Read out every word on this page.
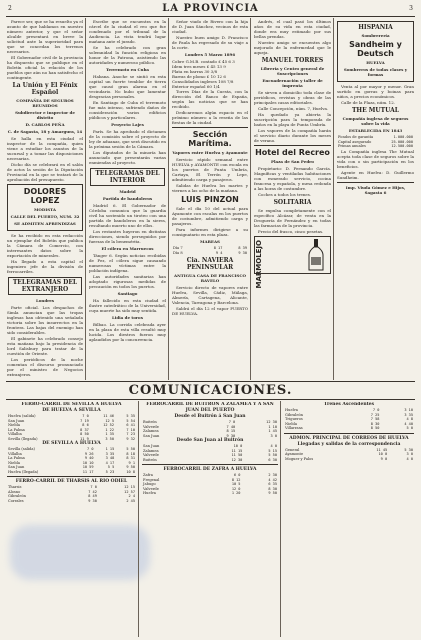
2	LA PROVINCIA	3

Parece ser, que se ha resuelto ya el asunto de que hablamos en nuestro número anterior, y que el señor alcalde presentará en breve la solicitud ante la superioridad para que se concedan los terrenos necesarios.

El Gobernador civil de la provincia ha dispuesto que se publique en el Boletín oficial la relación de los pueblos que aún no han satisfecho el contingente.

La Unión y El Fénix Español
COMPAÑIA DE SEGUROS REUNIDOS
Subdirector e inspector de distrito
D. CARLOS PEÑA
C. de Sagasta, 18 y Amargura, 14

Se halla en esta ciudad el inspector de la compañía, quien viene a estudiar los asuntos de la sucursal y a tomar las disposiciones necesarias.

Dicho día se celebrará en el salón de actos la sesión de la Diputación Provincial en la que se tratará de la aprobación del presupuesto.

DOLORES LOPEZ
MODISTA
CALLE DEL PUERTO, NUM. 32
SE ADMITEN APRENDIZAS

Se ha recibido en esta redacción un ejemplar del Boletín que publica la Cámara de Comercio, con interesantes datos sobre la exportación de minerales.

Ha llegado a esta capital el ingeniero jefe de la división de ferrocarriles.

TELEGRAMAS DEL EXTRANJERO
Londres

Parte oficial. Los despachos de Simla anuncian que las tropas inglesas han obtenido una señalada victoria sobre los insurrectos en la frontera. Las bajas del enemigo han sido considerables.

El gabinete ha celebrado consejo esta mañana bajo la presidencia de lord Salisbury para tratar de la cuestión de Oriente.

Los periódicos de la noche comentan el discurso pronunciado por el ministro de Negocios extranjeros.

Escribe que se encuentra en la cárcel de la ciudad el reo que fue condenado por el tribunal de la Audiencia. La vista tendrá lugar mañana ante el jurado.

Se ha celebrado con gran solemnidad la función religiosa en honor de la Patrona, asistiendo las autoridades y numeroso público.

Terremoto en Cuba

Habana. Anoche se sintió en esta capital un fuerte temblor de tierra que causó gran alarma en el vecindario. No hubo que lamentar desgracias personales.

En Santiago de Cuba el terremoto fue más intenso, sufriendo daños de consideración varios edificios públicos y particulares.

Proyecto Lajes

París. Se ha aprobado el dictamen de la comisión sobre el proyecto de ley de aduanas, que será discutido en la próxima sesión de la Cámara.

Los diputados de la minoría han anunciado que presentarán varias enmiendas al proyecto.

TELEGRAMAS DEL INTERIOR
Madrid
Partida de bandoleros

Madrid 6. El Gobernador de Córdoba comunica que la guardia civil ha sostenido un tiroteo con una partida de bandoleros en la sierra, resultando muerto uno de ellos.

Los restantes huyeron en distintas direcciones, siendo perseguidos por fuerzas de la benemérita.

El cólera en Marruecos

Tánger 6. Según noticias recibidas de Fez, el cólera sigue causando numerosas víctimas entre la población indígena.

Las autoridades sanitarias han adoptado rigurosas medidas de precaución en todos los puertos.

Santiago

Ha fallecido en esta ciudad el ilustre catedrático de la Universidad, cuya muerte ha sido muy sentida.

Lidia de toros

Bilbao. La corrida celebrada ayer en la plaza de esta villa resultó muy lucida. Los diestros fueron muy aplaudidos por la concurrencia.

Señor viudo de Rivero con la hija de D. Juan Sánchez, vecinos de esta ciudad.

Nuestro buen amigo D. Francisco de Paula ha regresado de su viaje a la corte.

Londres 5 Marzo 1896
Cobre G.M.B. contado £ 45 6 3
Idem tres meses £ 45 13 9
Plata en barras 30 3/8
Barras de plomo £ 10 12 6
Consolidados ingleses 108 7/8
Exterior español 60 1/4

Torres Díaz de la Cuesta, con la dirección del Banco de España, según las noticias que se han recibido.

Dedicaremos algún espacio en el próximo número a la reseña de las fiestas de la ciudad.

Sección Marítima.
Vapores entre Huelva y Ayamonte

Servicio rápido semanal entre HUELVA y AYAMONTE con escala en los puertos de Punta Umbría, Cartaya, El Terrón y Lepe, admitiendo carga y pasajeros.

Salidas de Huelva los martes y viernes a las ocho de la mañana.

LUIS PINZON

Sale el día 10 del actual para Ayamonte con escalas en los puertos de costumbre, admitiendo carga y pasajeros.

Para informes dirigirse a su consignatario en esta plaza.

MAREAS
Día 7	8 17	8 39
Día 8	9 4	9 30
Cia. NAVIERA PENINSULAR
ANTIGUA CASA DE FRANCISCO RAVELO

Servicio directo de vapores entre Huelva, Sevilla, Cádiz, Málaga, Almería, Cartagena, Alicante, Valencia, Tarragona y Barcelona.

Saldrá el día 12 el vapor PUERTO DE HUELVA.

Andrés, el cual pasó los últimos años de su vida en esta ciudad, donde era muy estimado por sus bellas prendas.

Nuestro amigo se encuentra algo mejorado de la enfermedad que le aqueja.

MANUEL TORRES
Librería y Centro general de Suscripciones
Encuadernación y taller de imprenta

Se sirven a domicilio toda clase de periódicos, revistas y obras de las principales casas editoriales.

Calle Concepción, núm. 7, Huelva.

Ha quedado ya abierta la suscripción para la temporada de baños en la playa de Punta Umbría.

Los vapores de la compañía harán el servicio diario durante los meses de verano.

Hotel del Recreo
Plaza de San Pedro

Propietario: D. Fernando García. Magníficas y ventiladas habitaciones con esmerado servicio, cocina francesa y española, y mesa redonda a las horas de costumbre.

Coches a todos los trenes.

SOLITARIA

Se expulsa completamente con el específico Alcázar, de venta en la Droguería de Fernández y en todas las farmacias de la provincia.

Precio del frasco, cinco pesetas.

MARMOLEJO
HISPANIA
Sombrerería
Sandheim y Deutsch
HUELVA
Sombreros de todas clases y formas

Venta al por mayor y menor. Gran surtido en gorras y boinas para niños, a precios económicos.

Calle de la Plaza, núm. 12.

THE MUTUAL
Compañía inglesa de seguros sobre la vida
ESTABLECIDA EN 1843
Fondos de garantía	1.000.000
Capital asegurado	25.000.000
Primas anuales	12.500.000

La Compañía inglesa The Mutual acepta toda clase de seguros sobre la vida con o sin participación en los beneficios.

Agente en Huelva: D. Guillermo Sundheim.

Imp. Viuda Gómez e Hijos, Sagasta 6
COMUNICACIONES.
FERRO-CARRIL DE SEVILLA A HUELVA
DE HUELVA A SEVILLA
Huelva (salida)	7 0	11 46	5 35
San Juan	7 19	12 5	5 54
Niebla	8 6	12 52	6 41
La Palma	8 37	1 22	7 10
Villalba	8 50	1 35	7 23
Sevilla (llegada)	11 9	3 50	9 32
DE SEVILLA A HUELVA
Sevilla (salida)	7 0	1 15	5 50
Villalba	9 26	3 35	8 18
La Palma	9 40	3 48	8 31
Niebla	10 10	4 17	9 1
San Juan	10 59	5 5	9 50
Huelva (llegada)	11 17	5 23	10 8
FERRO-CARRIL DE THARSIS AL RIO ODIEL
Tharsis	7 0	12 15
Alosno	7 42	12 57
Gibraleón	8 49	2 4
Corrales	9 30	2 45
FERROCARRIL DE BUITRON A ZALAMEA Y A SAN JUAN DEL PUERTO
Desde el Buitrón á San Juan
Buitrón	7 0	12 30
Valverde	7 40	1 10
Zalamea	8 15	1 45
San Juan	9 30	3 0
Desde San Juan al Buitrón
San Juan	10 0	4 0
Zalamea	11 15	5 15
Valverde	11 50	5 50
Buitrón	12 30	6 30
FERROCARRIL DE ZAFRA A HUELVA
Zafra	6 0	2 30
Fregenal	8 12	4 42
Jabugo	10 5	6 35
Valverde	12 0	8 30
Huelva	1 20	9 50
Trenes Ascendentes
Huelva	7 0	3 10
Gibraleón	7 25	3 35
Trigueros	7 58	4 8
Niebla	8 30	4 40
Villarrasa	8 50	5 0
ADMON. PRINCIPAL DE CORREOS DE HUELVA
Llegadas y salidas de la correspondencia
General	11 45	5 30
Ayamonte	10 0	3 0
Moguer y Palos	9 0	4 0
